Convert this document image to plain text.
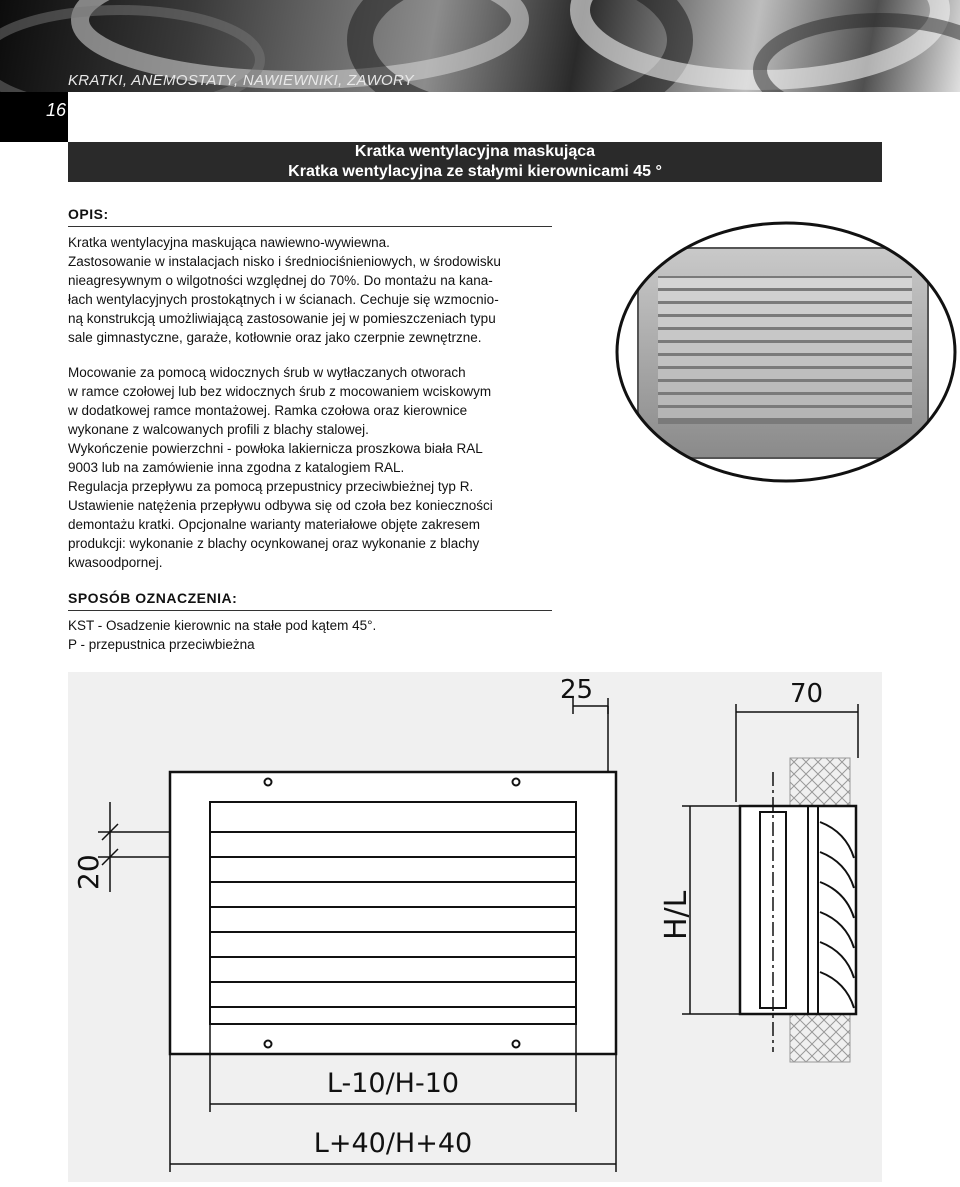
KRATKI, ANEMOSTATY, NAWIEWNIKI, ZAWORY
16
Kratka wentylacyjna maskująca
Kratka wentylacyjna ze stałymi kierownicami 45 °
OPIS:
Kratka wentylacyjna maskująca nawiewno-wywiewna.
Zastosowanie w instalacjach nisko i średniociśnieniowych, w środowisku
nieagresywnym o wilgotności względnej do 70%. Do montażu na kana-
łach wentylacyjnych prostokątnych i w ścianach. Cechuje się wzmocnio-
ną konstrukcją umożliwiającą zastosowanie jej w pomieszczeniach typu
sale gimnastyczne, garaże, kotłownie oraz jako czerpnie zewnętrzne.
Mocowanie za pomocą widocznych śrub w wytłaczanych otworach
w ramce czołowej lub bez widocznych śrub z mocowaniem wciskowym
w dodatkowej ramce montażowej. Ramka czołowa oraz kierownice
wykonane z walcowanych profili z blachy stalowej.
Wykończenie powierzchni - powłoka lakiernicza proszkowa biała RAL
9003 lub na zamówienie inna zgodna z katalogiem RAL.
Regulacja przepływu za pomocą przepustnicy przeciwbieżnej typ R.
Ustawienie natężenia przepływu odbywa się od czoła bez konieczności
demontażu kratki. Opcjonalne warianty materiałowe objęte zakresem
produkcji: wykonanie z blachy ocynkowanej oraz wykonanie z blachy
kwasoodpornej.
SPOSÓB OZNACZENIA:
KST - Osadzenie kierownic na stałe pod kątem 45°.
P - przepustnica przeciwbieżna
20
L-10/H-10
L+40/H+40
25	70
H/L
